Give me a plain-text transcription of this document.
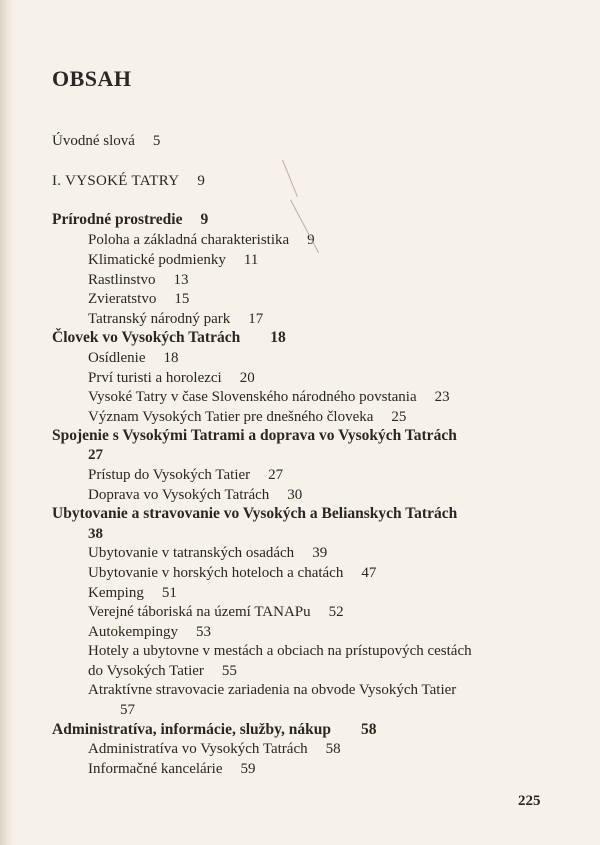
OBSAH
Úvodné slová 5
I. VYSOKÉ TATRY 9
Prírodné prostredie 9
Poloha a základná charakteristika 9
Klimatické podmienky 11
Rastlinstvo 13
Zvieratstvo 15
Tatranský národný park 17
Človek vo Vysokých Tatrách 18
Osídlenie 18
Prví turisti a horolezci 20
Vysoké Tatry v čase Slovenského národného povstania 23
Význam Vysokých Tatier pre dnešného človeka 25
Spojenie s Vysokými Tatrami a doprava vo Vysokých Tatrách
27
Prístup do Vysokých Tatier 27
Doprava vo Vysokých Tatrách 30
Ubytovanie a stravovanie vo Vysokých a Belianskych Tatrách
38
Ubytovanie v tatranských osadách 39
Ubytovanie v horských hoteloch a chatách 47
Kemping 51
Verejné táboriská na území TANAPu 52
Autokempingy 53
Hotely a ubytovne v mestách a obciach na prístupových cestách
do Vysokých Tatier 55
Atraktívne stravovacie zariadenia na obvode Vysokých Tatier
57
Administratíva, informácie, služby, nákup 58
Administratíva vo Vysokých Tatrách 58
Informačné kancelárie 59
225
